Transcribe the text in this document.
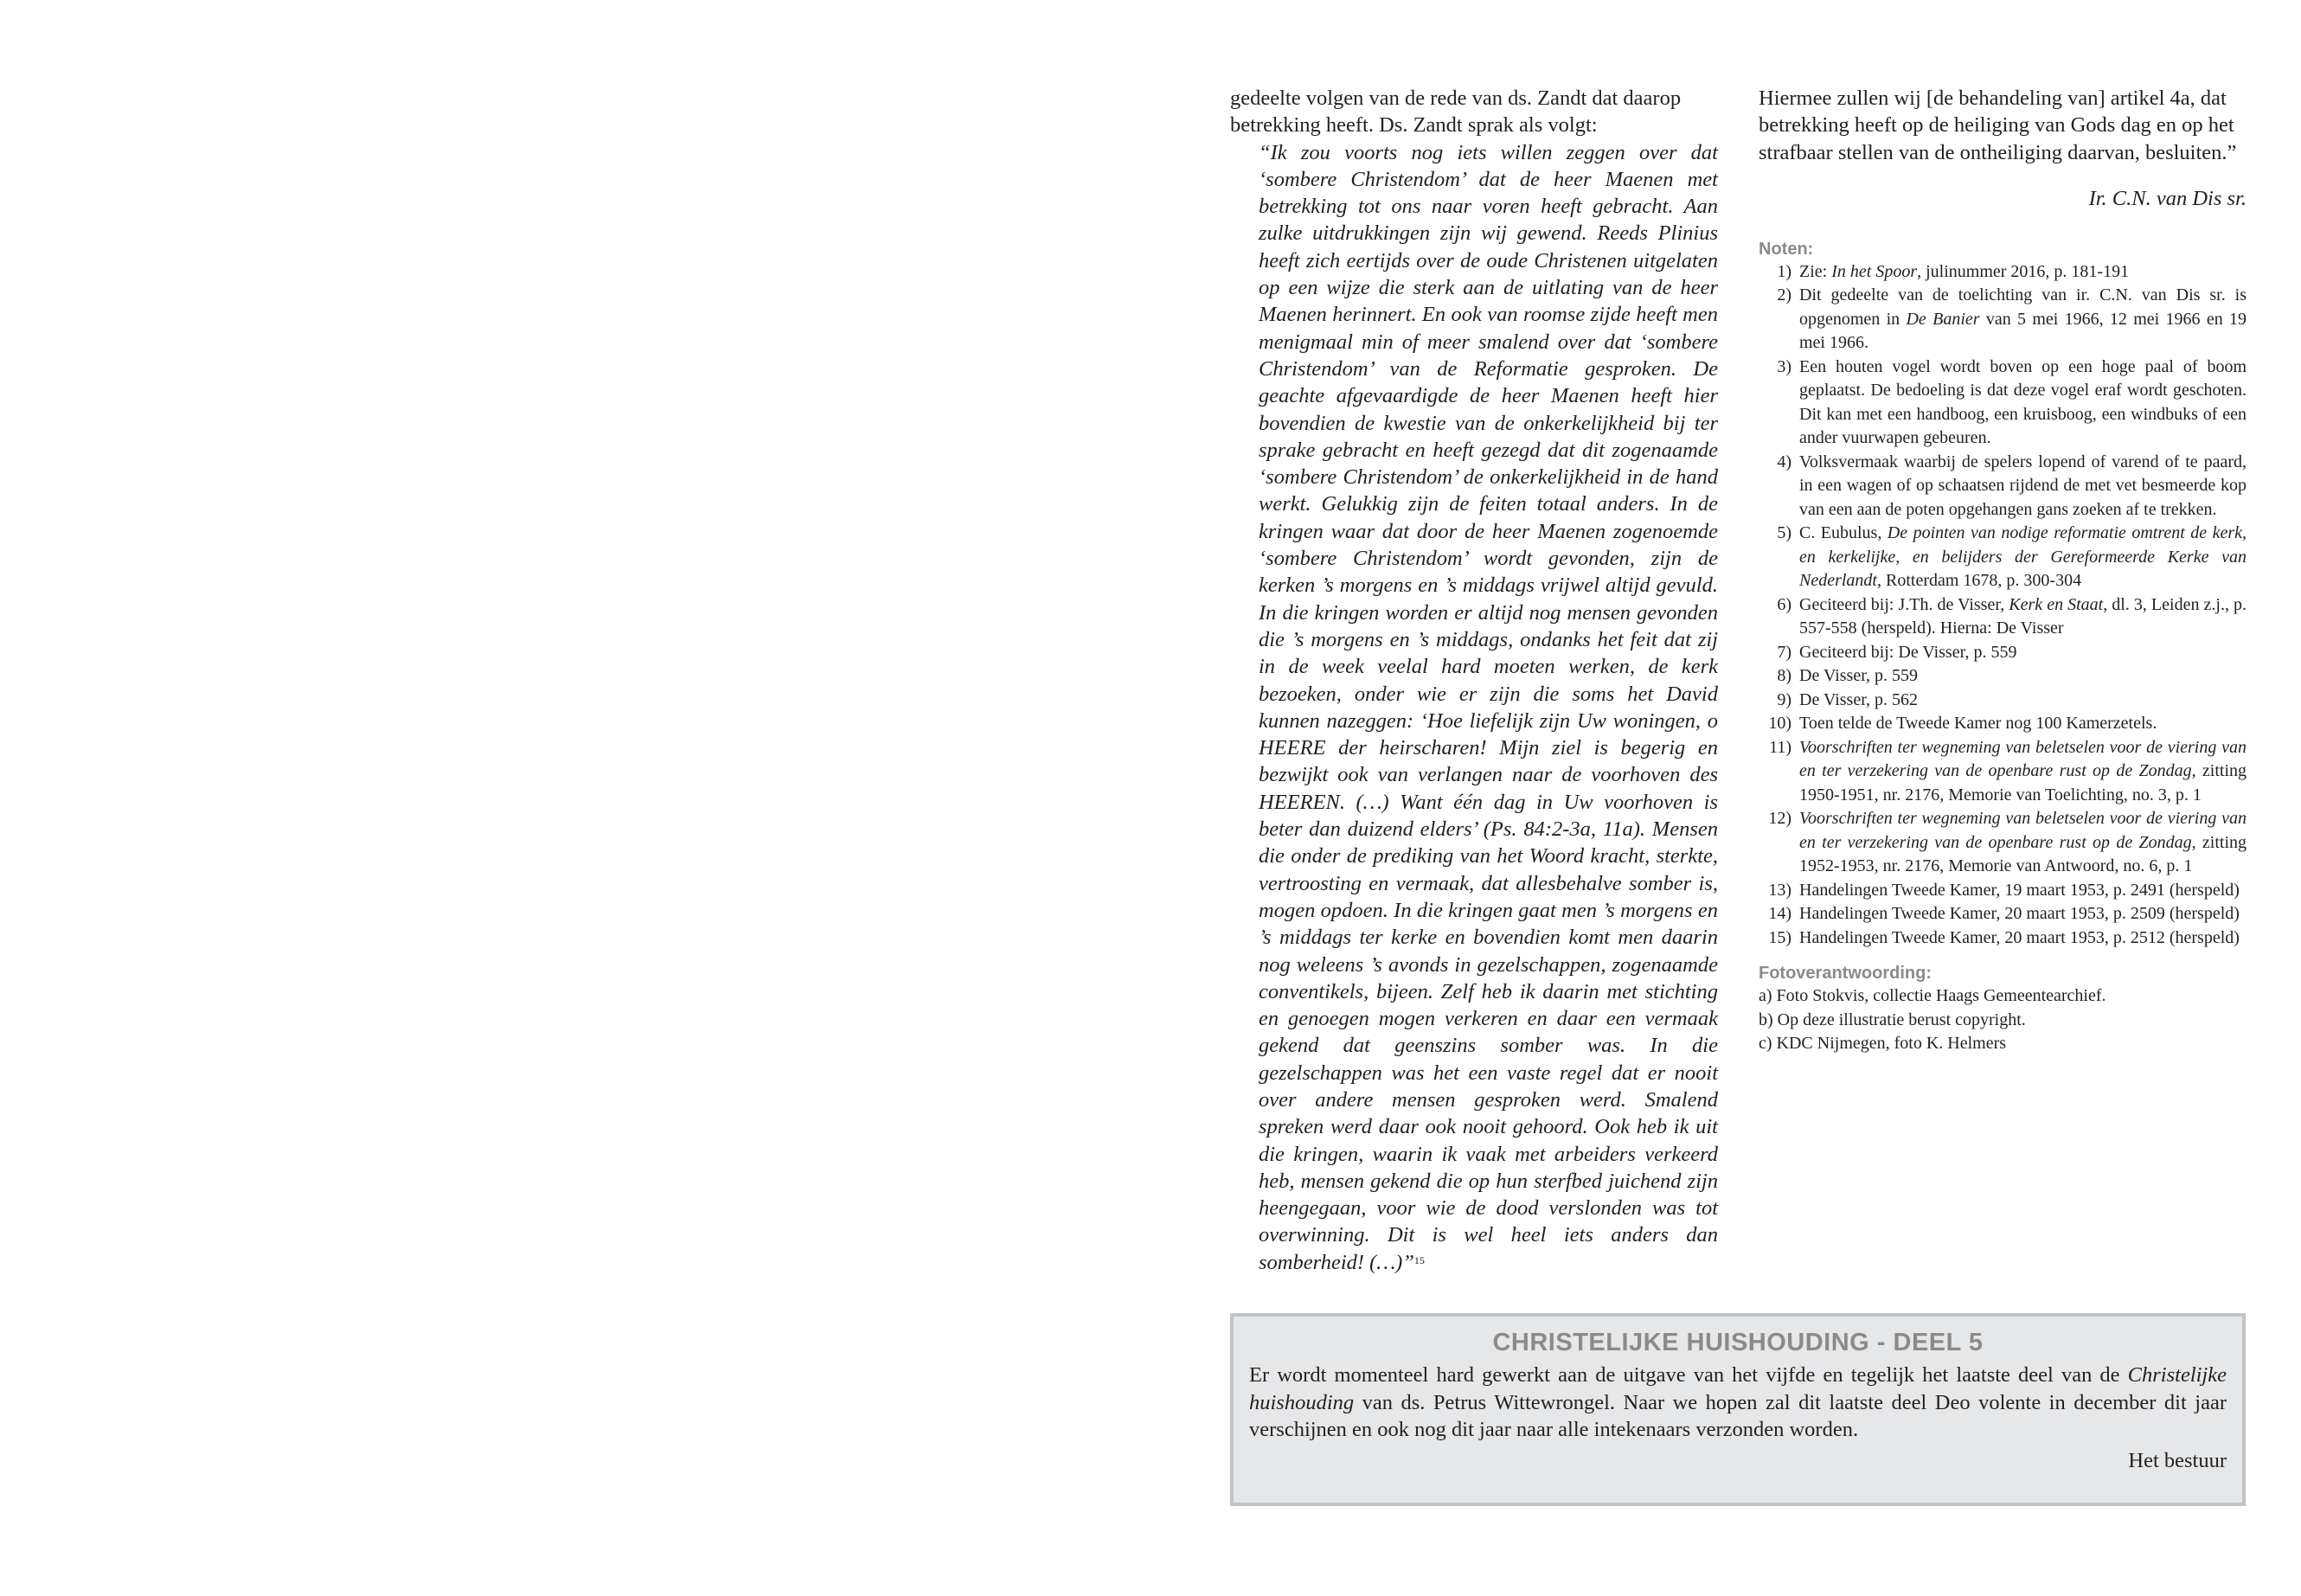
gedeelte volgen van de rede van ds. Zandt dat daarop betrekking heeft. Ds. Zandt sprak als volgt:

“Ik zou voorts nog iets willen zeggen over dat ‘sombere Christendom’ dat de heer Maenen met betrekking tot ons naar voren heeft gebracht. Aan zulke uitdrukkingen zijn wij gewend. Reeds Plinius heeft zich eertijds over de oude Christenen uitgelaten op een wijze die sterk aan de uitlating van de heer Maenen herinnert. En ook van roomse zijde heeft men menigmaal min of meer smalend over dat ‘sombere Christendom’ van de Reformatie gesproken. De geachte afgevaardigde de heer Maenen heeft hier bovendien de kwestie van de onkerkelijkheid bij ter sprake gebracht en heeft gezegd dat dit zogenaamde ‘sombere Christendom’ de onkerkelijkheid in de hand werkt. Gelukkig zijn de feiten totaal anders. In de kringen waar dat door de heer Maenen zogenoemde ‘sombere Christendom’ wordt gevonden, zijn de kerken ’s morgens en ’s middags vrijwel altijd gevuld. In die kringen worden er altijd nog mensen gevonden die ’s morgens en ’s middags, ondanks het feit dat zij in de week veelal hard moeten werken, de kerk bezoeken, onder wie er zijn die soms het David kunnen nazeggen: ‘Hoe liefelijk zijn Uw woningen, o HEERE der heirscharen! Mijn ziel is begerig en bezwijkt ook van verlangen naar de voorhoven des HEEREN. (…) Want één dag in Uw voorhoven is beter dan duizend elders’ (Ps. 84:2-3a, 11a). Mensen die onder de prediking van het Woord kracht, sterkte, vertroosting en vermaak, dat allesbehalve somber is, mogen opdoen. In die kringen gaat men ’s morgens en ’s middags ter kerke en bovendien komt men daarin nog weleens ’s avonds in gezelschappen, zogenaamde conventikels, bijeen. Zelf heb ik daarin met stichting en genoegen mogen verkeren en daar een vermaak gekend dat geenszins somber was. In die gezelschappen was het een vaste regel dat er nooit over andere mensen gesproken werd. Smalend spreken werd daar ook nooit gehoord. Ook heb ik uit die kringen, waarin ik vaak met arbeiders verkeerd heb, mensen gekend die op hun sterfbed juichend zijn heengegaan, voor wie de dood verslonden was tot overwinning. Dit is wel heel iets anders dan somberheid! (…)”$^{15}$

Hiermee zullen wij [de behandeling van] artikel 4a, dat betrekking heeft op de heiliging van Gods dag en op het strafbaar stellen van de ontheiliging daarvan, besluiten.”

Ir. C.N. van Dis sr.

Noten:

1) Zie: In het Spoor, julinummer 2016, p. 181-191
2) Dit gedeelte van de toelichting van ir. C.N. van Dis sr. is opgenomen in De Banier van 5 mei 1966, 12 mei 1966 en 19 mei 1966.
3) Een houten vogel wordt boven op een hoge paal of boom geplaatst. De bedoeling is dat deze vogel eraf wordt geschoten. Dit kan met een handboog, een kruisboog, een windbuks of een ander vuurwapen gebeuren.
4) Volksvermaak waarbij de spelers lopend of varend of te paard, in een wagen of op schaatsen rijdend de met vet besmeerde kop van een aan de poten opgehangen gans zoeken af te trekken.
5) C. Eubulus, De pointen van nodige reformatie omtrent de kerk, en kerkelijke, en belijders der Gereformeerde Kerke van Nederlandt, Rotterdam 1678, p. 300-304
6) Geciteerd bij: J.Th. de Visser, Kerk en Staat, dl. 3, Leiden z.j., p. 557-558 (herspeld). Hierna: De Visser
7) Geciteerd bij: De Visser, p. 559
8) De Visser, p. 559
9) De Visser, p. 562
10) Toen telde de Tweede Kamer nog 100 Kamerzetels.
11) Voorschriften ter wegneming van beletselen voor de viering van en ter verzekering van de openbare rust op de Zondag, zitting 1950-1951, nr. 2176, Memorie van Toelichting, no. 3, p. 1
12) Voorschriften ter wegneming van beletselen voor de viering van en ter verzekering van de openbare rust op de Zondag, zitting 1952-1953, nr. 2176, Memorie van Antwoord, no. 6, p. 1
13) Handelingen Tweede Kamer, 19 maart 1953, p. 2491 (herspeld)
14) Handelingen Tweede Kamer, 20 maart 1953, p. 2509 (herspeld)
15) Handelingen Tweede Kamer, 20 maart 1953, p. 2512 (herspeld)

Fotoverantwoording:

a) Foto Stokvis, collectie Haags Gemeentearchief.
b) Op deze illustratie berust copyright.
c) KDC Nijmegen, foto K. Helmers

CHRISTELIJKE HUISHOUDING - DEEL 5

Er wordt momenteel hard gewerkt aan de uitgave van het vijfde en tegelijk het laatste deel van de Christelijke huishouding van ds. Petrus Wittewrongel. Naar we hopen zal dit laatste deel Deo volente in december dit jaar verschijnen en ook nog dit jaar naar alle intekenaars verzonden worden.

Het bestuur
